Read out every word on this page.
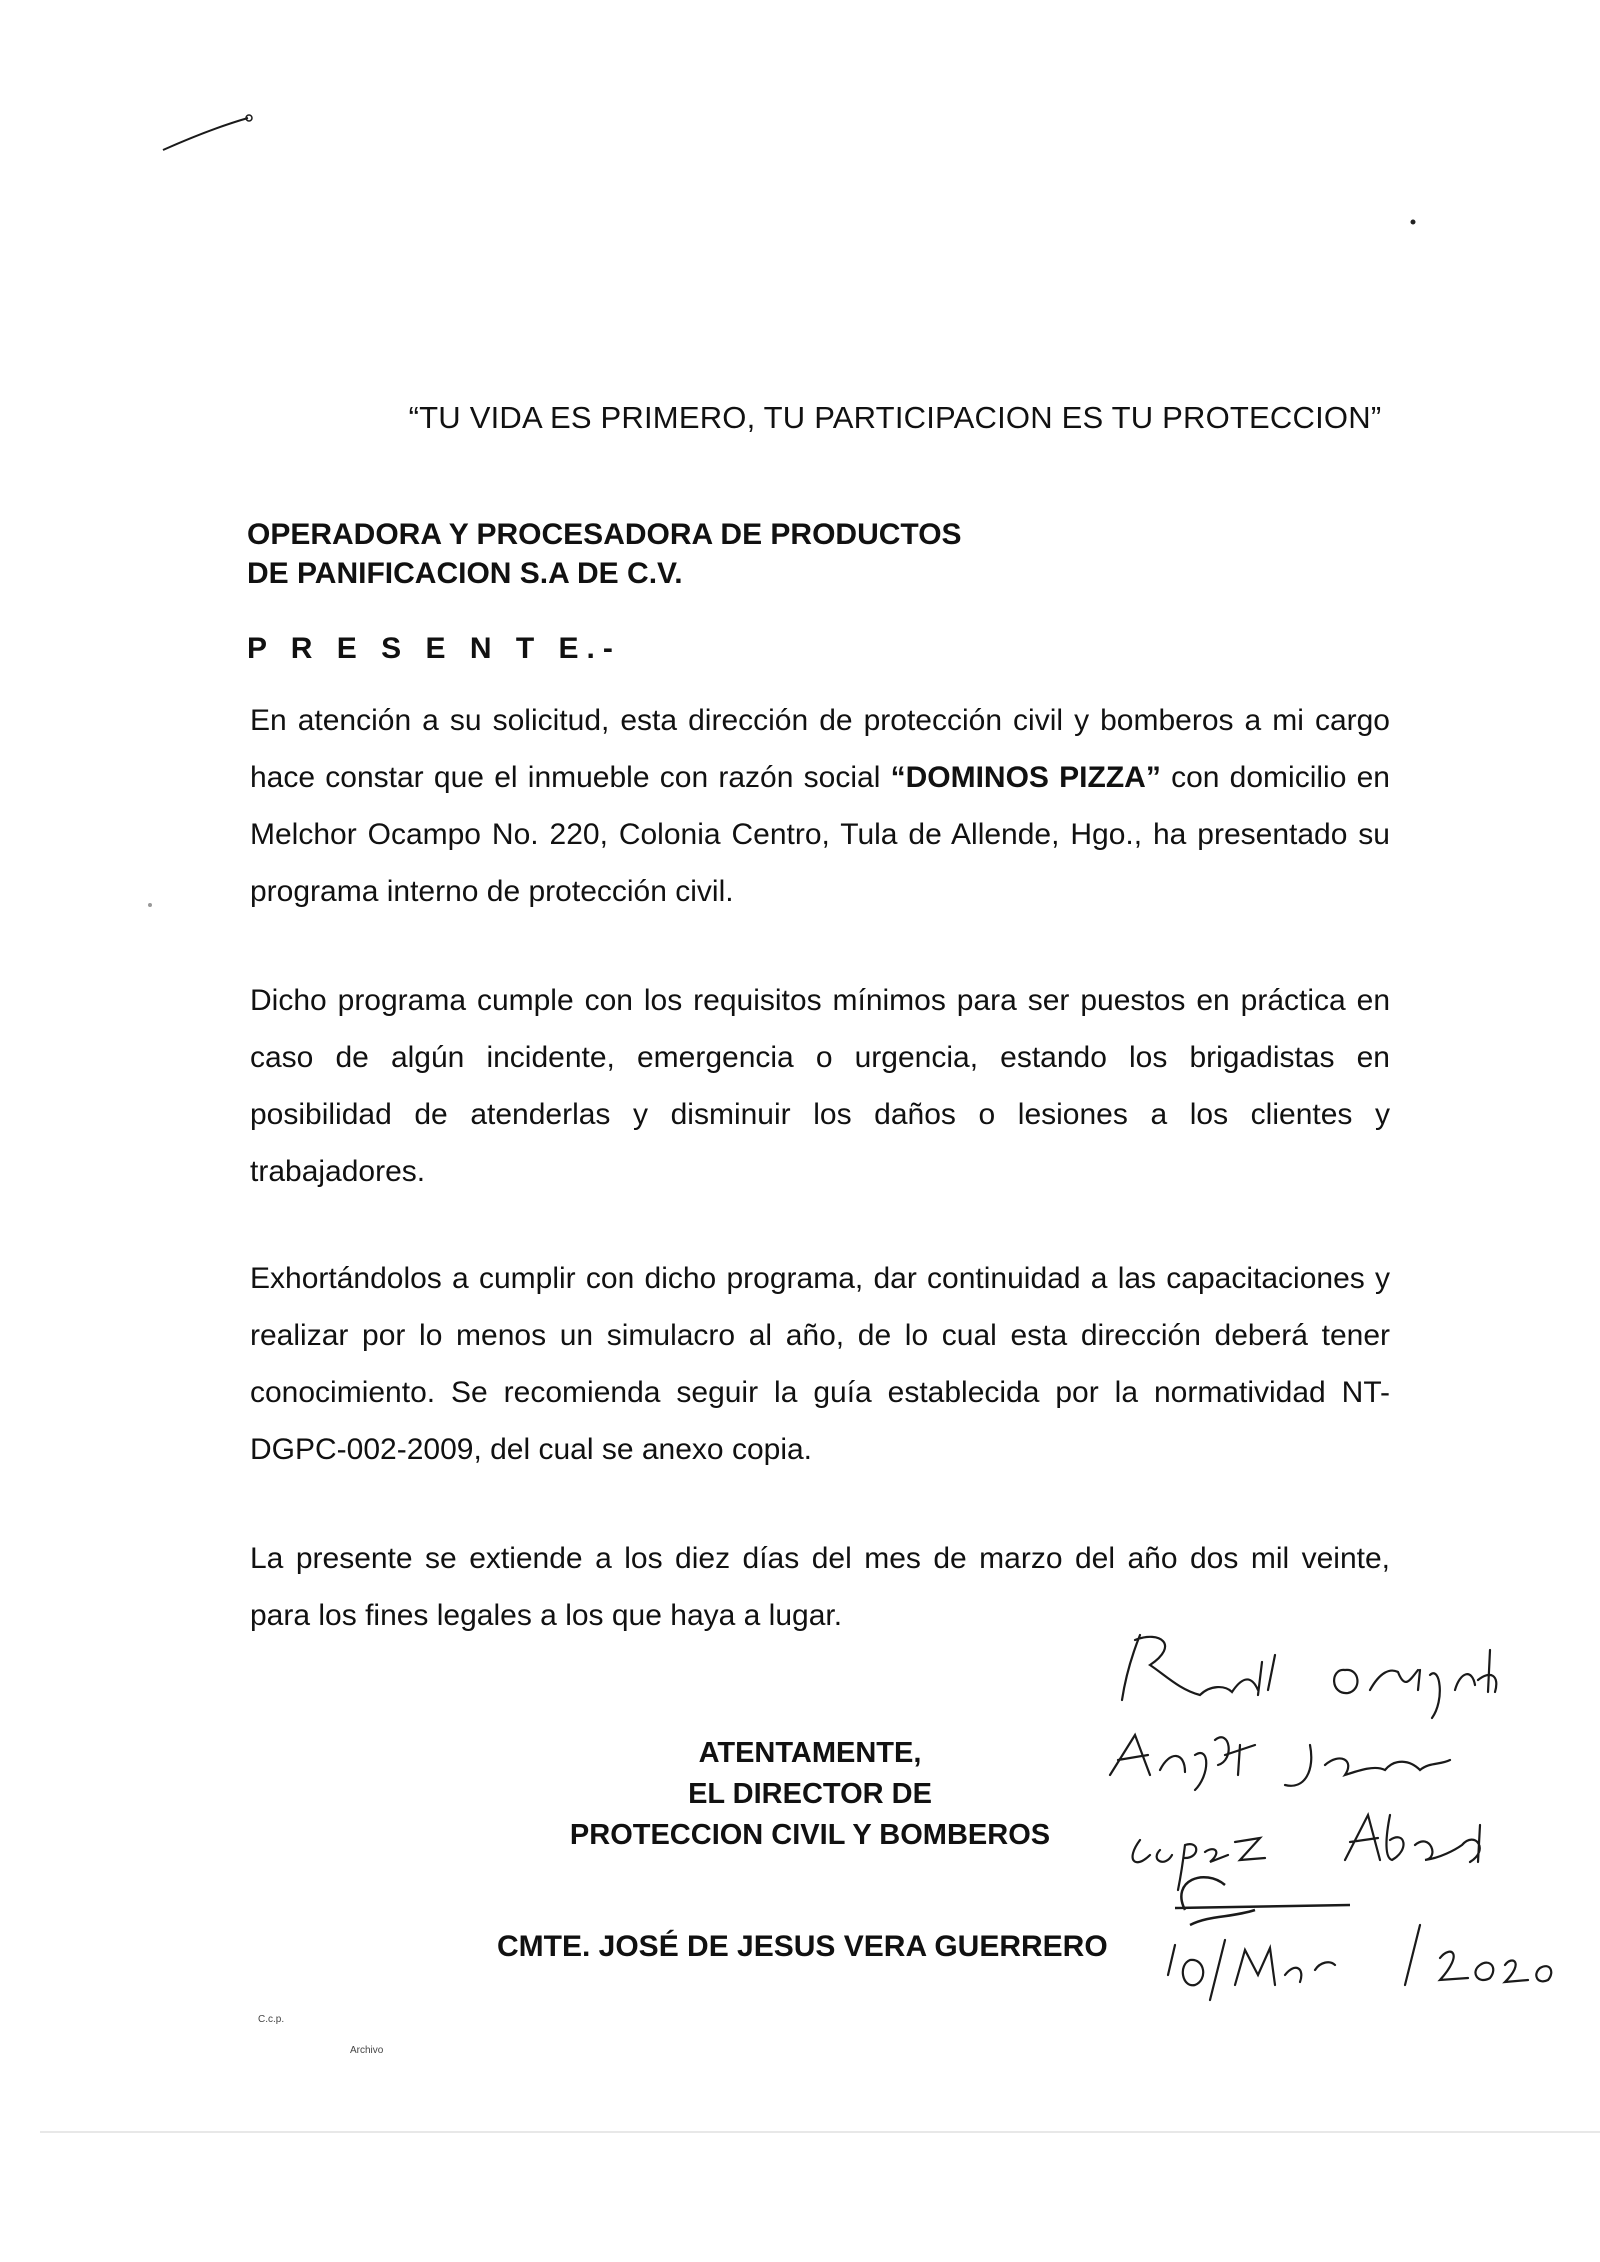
“TU VIDA ES PRIMERO, TU PARTICIPACION ES TU PROTECCION”
OPERADORA Y PROCESADORA DE PRODUCTOS
DE PANIFICACION S.A DE C.V.
P R E S E N T E.-
En atención a su solicitud, esta dirección de protección civil y bomberos a mi cargo hace constar que el inmueble con razón social “DOMINOS PIZZA” con domicilio en Melchor Ocampo No. 220, Colonia Centro, Tula de Allende, Hgo., ha presentado su programa interno de protección civil.
Dicho programa cumple con los requisitos mínimos para ser puestos en práctica en caso de algún incidente, emergencia o urgencia, estando los brigadistas en posibilidad de atenderlas y disminuir los daños o lesiones a los clientes y trabajadores.
Exhortándolos a cumplir con dicho programa, dar continuidad a las capacitaciones y realizar por lo menos un simulacro al año, de lo cual esta dirección deberá tener conocimiento. Se recomienda seguir la guía establecida por la normatividad NT-DGPC-002-2009, del cual se anexo copia.
La presente se extiende a los diez días del mes de marzo del año dos mil veinte, para los fines legales a los que haya a lugar.
ATENTAMENTE,
EL DIRECTOR DE
PROTECCION CIVIL Y BOMBEROS
CMTE. JOSÉ DE JESUS VERA GUERRERO
C.c.p.
Archivo
